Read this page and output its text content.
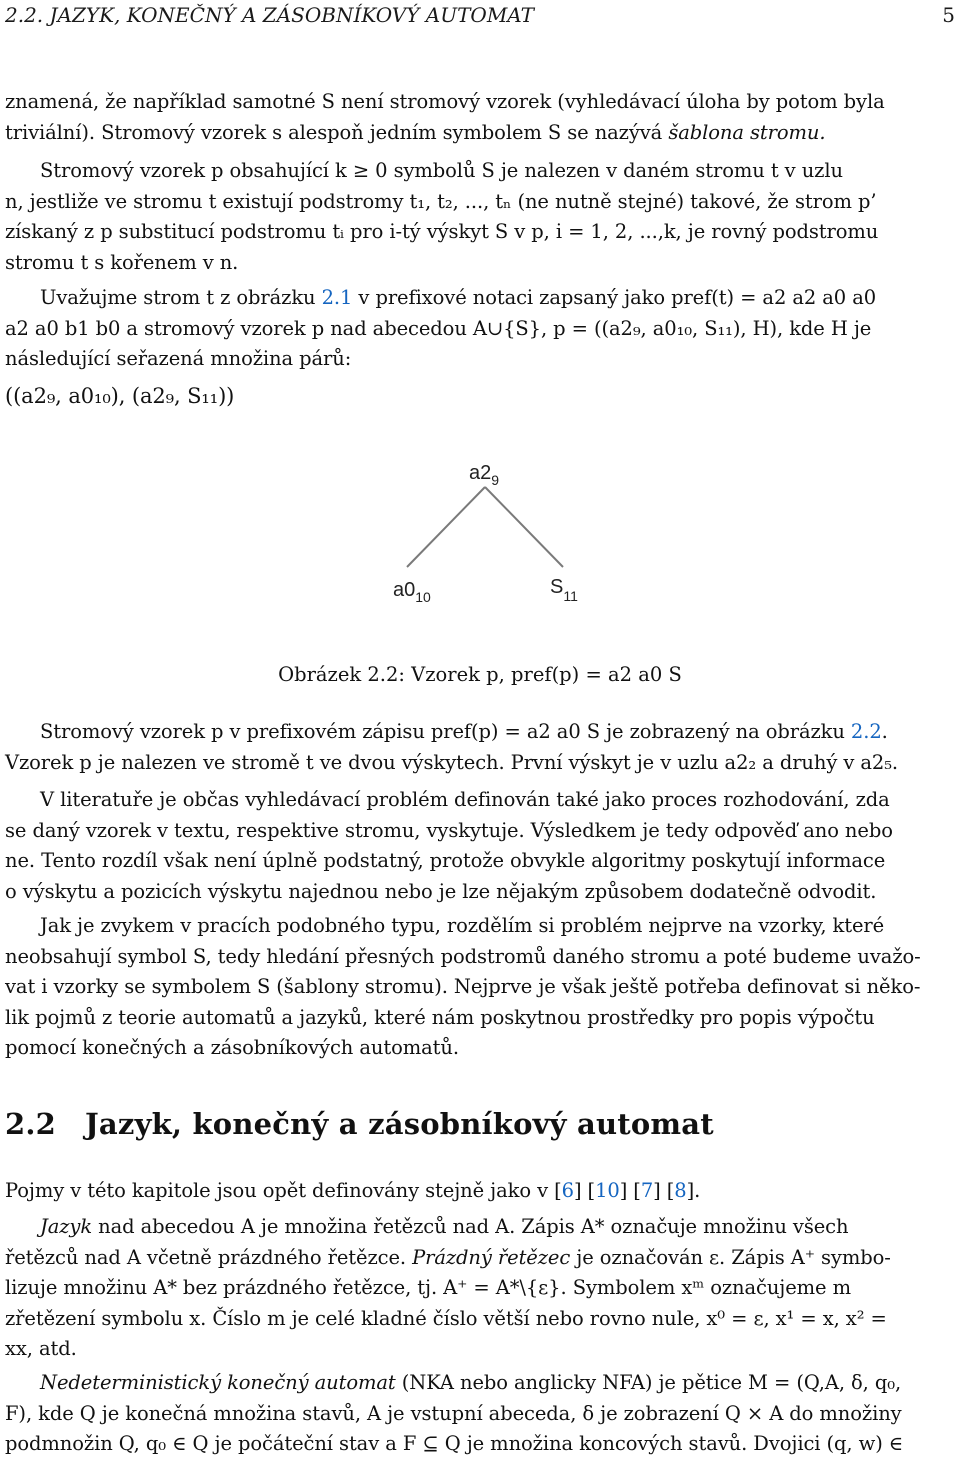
2.2. JAZYK, KONEČNÝ A ZÁSOBNÍKOVÝ AUTOMAT	5

znamená, že například samotné S není stromový vzorek (vyhledávací úloha by potom byla
triviální). Stromový vzorek s alespoň jedním symbolem S se nazývá šablona stromu.

Stromový vzorek p obsahující k ≥ 0 symbolů S je nalezen v daném stromu t v uzlu
n, jestliže ve stromu t existují podstromy t₁, t₂, ..., tₙ (ne nutně stejné) takové, že strom p’
získaný z p substitucí podstromu tᵢ pro i-tý výskyt S v p, i = 1, 2, ...,k, je rovný podstromu
stromu t s kořenem v n.

Uvažujme strom t z obrázku 2.1 v prefixové notaci zapsaný jako pref(t) = a2 a2 a0 a0
a2 a0 b1 b0 a stromový vzorek p nad abecedou A∪{S}, p = ((a2₉, a0₁₀, S₁₁), H), kde H je
následující seřazená množina párů:

((a2₉, a0₁₀), (a2₉, S₁₁))

$a2_9$
$a0_{10}$	$S_{11}$
Obrázek 2.2: Vzorek p, pref(p) = a2 a0 S

Stromový vzorek p v prefixovém zápisu pref(p) = a2 a0 S je zobrazený na obrázku 2.2.
Vzorek p je nalezen ve stromě t ve dvou výskytech. První výskyt je v uzlu a2₂ a druhý v a2₅.

V literatuře je občas vyhledávací problém definován také jako proces rozhodování, zda
se daný vzorek v textu, respektive stromu, vyskytuje. Výsledkem je tedy odpověď ano nebo
ne. Tento rozdíl však není úplně podstatný, protože obvykle algoritmy poskytují informace
o výskytu a pozicích výskytu najednou nebo je lze nějakým způsobem dodatečně odvodit.

Jak je zvykem v pracích podobného typu, rozdělím si problém nejprve na vzorky, které
neobsahují symbol S, tedy hledání přesných podstromů daného stromu a poté budeme uvažo-
vat i vzorky se symbolem S (šablony stromu). Nejprve je však ještě potřeba definovat si něko-
lik pojmů z teorie automatů a jazyků, které nám poskytnou prostředky pro popis výpočtu
pomocí konečných a zásobníkových automatů.

2.2 Jazyk, konečný a zásobníkový automat

Pojmy v této kapitole jsou opět definovány stejně jako v [6] [10] [7] [8].

Jazyk nad abecedou A je množina řetězců nad A. Zápis A* označuje množinu všech
řetězců nad A včetně prázdného řetězce. Prázdný řetězec je označován ε. Zápis A⁺ symbo-
lizuje množinu A* bez prázdného řetězce, tj. A⁺ = A*\{ε}. Symbolem xᵐ označujeme m
zřetězení symbolu x. Číslo m je celé kladné číslo větší nebo rovno nule, x⁰ = ε, x¹ = x, x² =
xx, atd.

Nedeterministický konečný automat (NKA nebo anglicky NFA) je pětice M = (Q,A, δ, q₀,
F), kde Q je konečná množina stavů, A je vstupní abeceda, δ je zobrazení Q × A do množiny
podmnožin Q, q₀ ∈ Q je počáteční stav a F ⊆ Q je množina koncových stavů. Dvojici (q, w) ∈
